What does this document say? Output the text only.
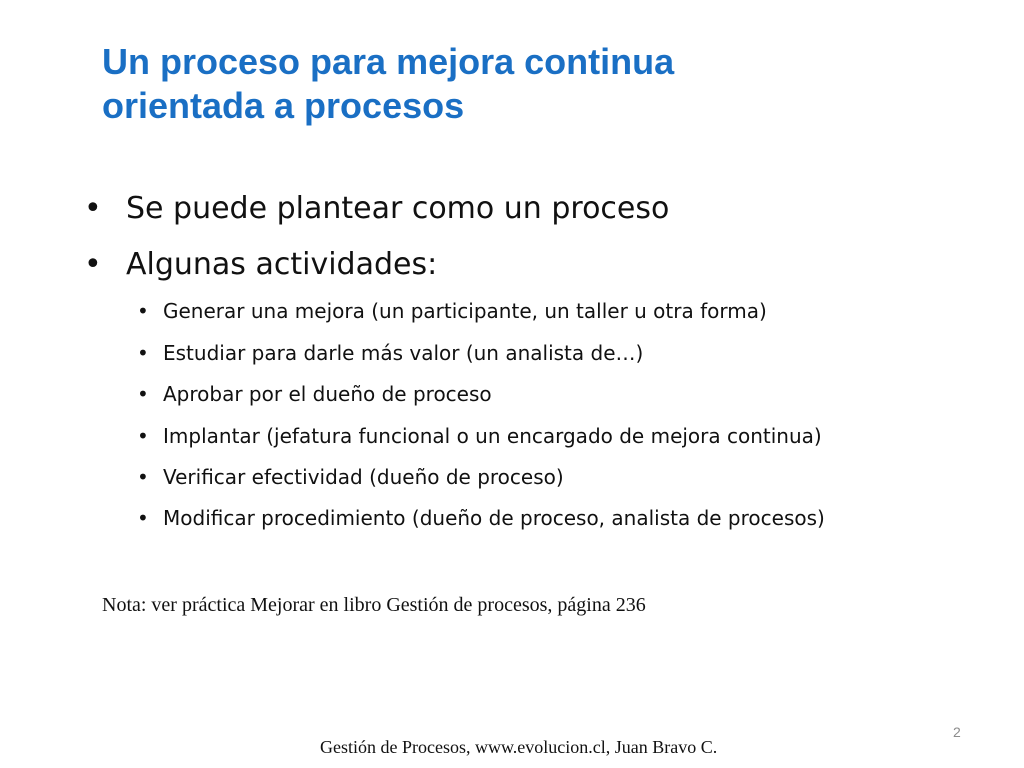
Un proceso para mejora continua
orientada a procesos
• Se puede plantear como un proceso
• Algunas actividades:
• Generar una mejora (un participante, un taller u otra forma)
• Estudiar para darle más valor (un analista de…)
• Aprobar por el dueño de proceso
• Implantar (jefatura funcional o un encargado de mejora continua)
• Verificar efectividad (dueño de proceso)
• Modificar procedimiento (dueño de proceso, analista de procesos)
Nota: ver práctica Mejorar en libro Gestión de procesos, página 236
2
Gestión de Procesos, www.evolucion.cl, Juan Bravo C.
